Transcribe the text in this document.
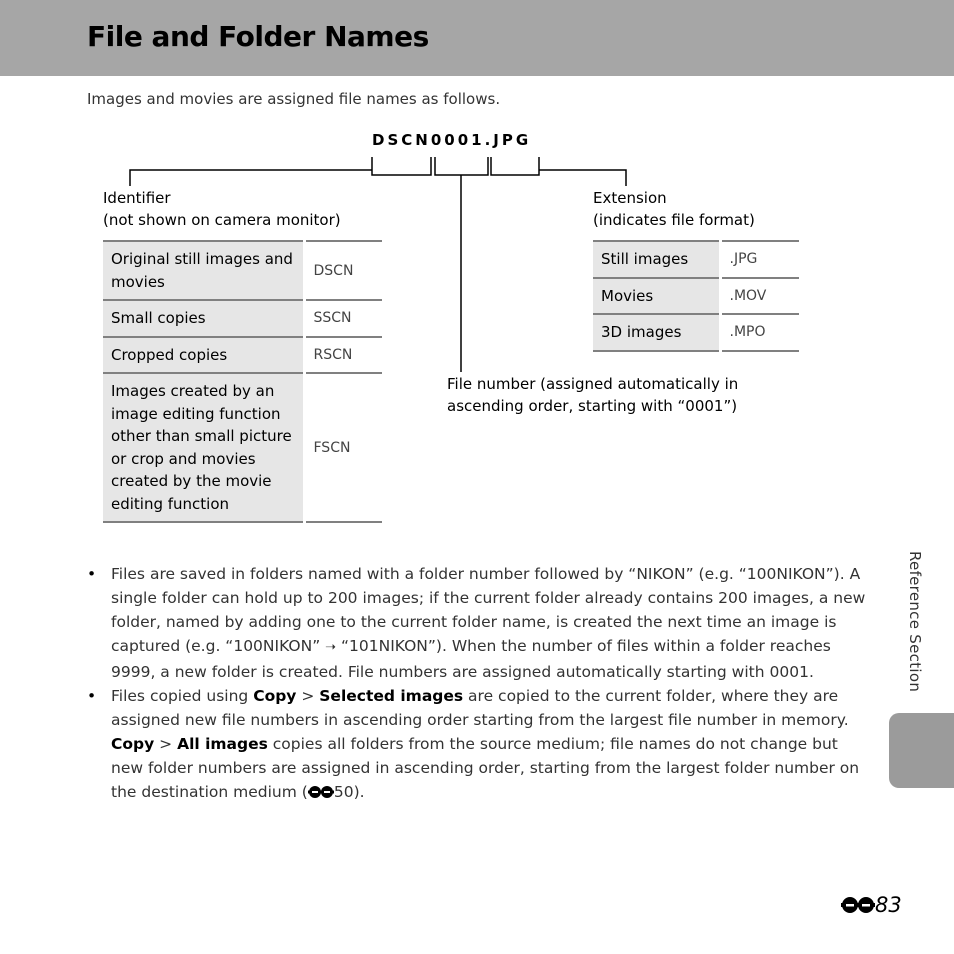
File and Folder Names

Images and movies are assigned file names as follows.

DSCN0001.JPG
Identifier
(not shown on camera monitor)
Extension
(indicates file format)
File number (assigned automatically in
ascending order, starting with “0001”)
Original still images and movies	DSCN
Small copies	SSCN
Cropped copies	RSCN
Images created by an image editing function other than small picture or crop and movies created by the movie editing function	FSCN
Still images	.JPG
Movies	.MOV
3D images	.MPO
• Files are saved in folders named with a folder number followed by “NIKON” (e.g. “100NIKON”). A single folder can hold up to 200 images; if the current folder already contains 200 images, a new folder, named by adding one to the current folder name, is created the next time an image is captured (e.g. “100NIKON” ➝ “101NIKON”). When the number of files within a folder reaches 9999, a new folder is created. File numbers are assigned automatically starting with 0001.
• Files copied using Copy > Selected images are copied to the current folder, where they are assigned new file numbers in ascending order starting from the largest file number in memory. Copy > All images copies all folders from the source medium; file names do not change but new folder numbers are assigned in ascending order, starting from the largest folder number on the destination medium ( 50).
Reference Section
83
